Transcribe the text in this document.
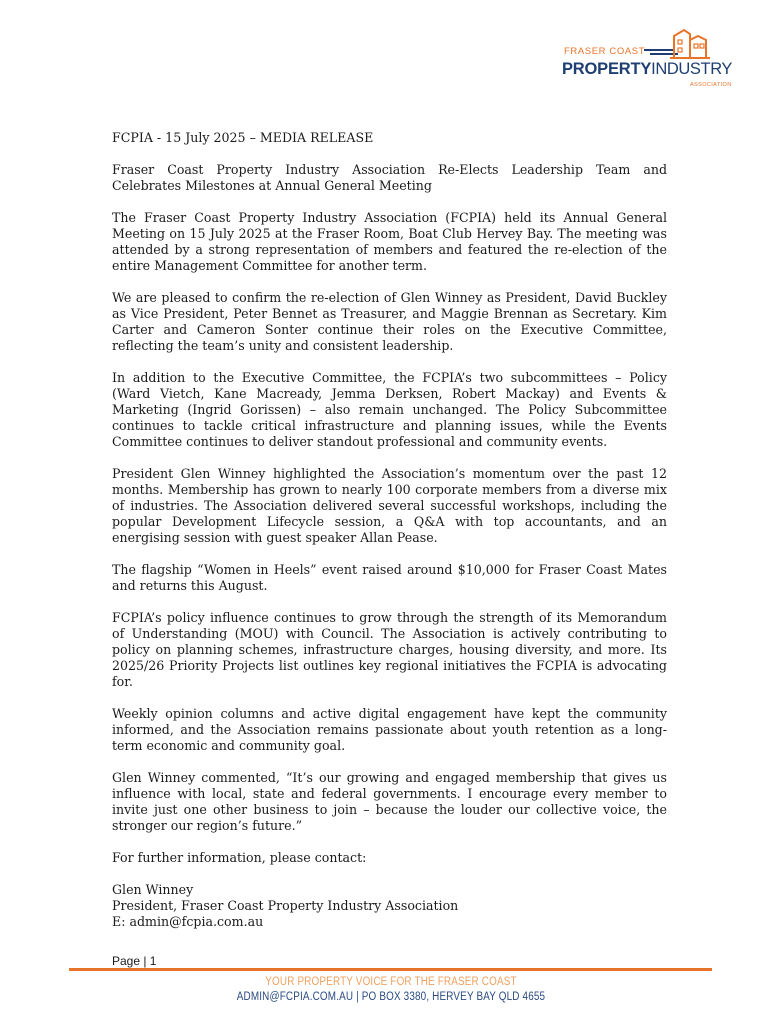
FRASER COAST
PROPERTYINDUSTRY
ASSOCIATION

FCPIA - 15 July 2025 – MEDIA RELEASE

Fraser Coast Property Industry Association Re-Elects Leadership Team and Celebrates Milestones at Annual General Meeting

The Fraser Coast Property Industry Association (FCPIA) held its Annual General Meeting on 15 July 2025 at the Fraser Room, Boat Club Hervey Bay. The meeting was attended by a strong representation of members and featured the re-election of the entire Management Committee for another term.

We are pleased to confirm the re-election of Glen Winney as President, David Buckley as Vice President, Peter Bennet as Treasurer, and Maggie Brennan as Secretary. Kim Carter and Cameron Sonter continue their roles on the Executive Committee, reflecting the team’s unity and consistent leadership.

In addition to the Executive Committee, the FCPIA’s two subcommittees – Policy (Ward Vietch, Kane Macready, Jemma Derksen, Robert Mackay) and Events & Marketing (Ingrid Gorissen) – also remain unchanged. The Policy Subcommittee continues to tackle critical infrastructure and planning issues, while the Events Committee continues to deliver standout professional and community events.

President Glen Winney highlighted the Association’s momentum over the past 12 months. Membership has grown to nearly 100 corporate members from a diverse mix of industries. The Association delivered several successful workshops, including the popular Development Lifecycle session, a Q&A with top accountants, and an energising session with guest speaker Allan Pease.

The flagship “Women in Heels” event raised around $10,000 for Fraser Coast Mates and returns this August.

FCPIA’s policy influence continues to grow through the strength of its Memorandum of Understanding (MOU) with Council. The Association is actively contributing to policy on planning schemes, infrastructure charges, housing diversity, and more. Its 2025/26 Priority Projects list outlines key regional initiatives the FCPIA is advocating for.

Weekly opinion columns and active digital engagement have kept the community informed, and the Association remains passionate about youth retention as a long-term economic and community goal.

Glen Winney commented, “It’s our growing and engaged membership that gives us influence with local, state and federal governments. I encourage every member to invite just one other business to join – because the louder our collective voice, the stronger our region’s future.”

For further information, please contact:

Glen Winney

President, Fraser Coast Property Industry Association

E: admin@fcpia.com.au

Page | 1
YOUR PROPERTY VOICE FOR THE FRASER COAST
ADMIN@FCPIA.COM.AU | PO BOX 3380, HERVEY BAY QLD 4655
